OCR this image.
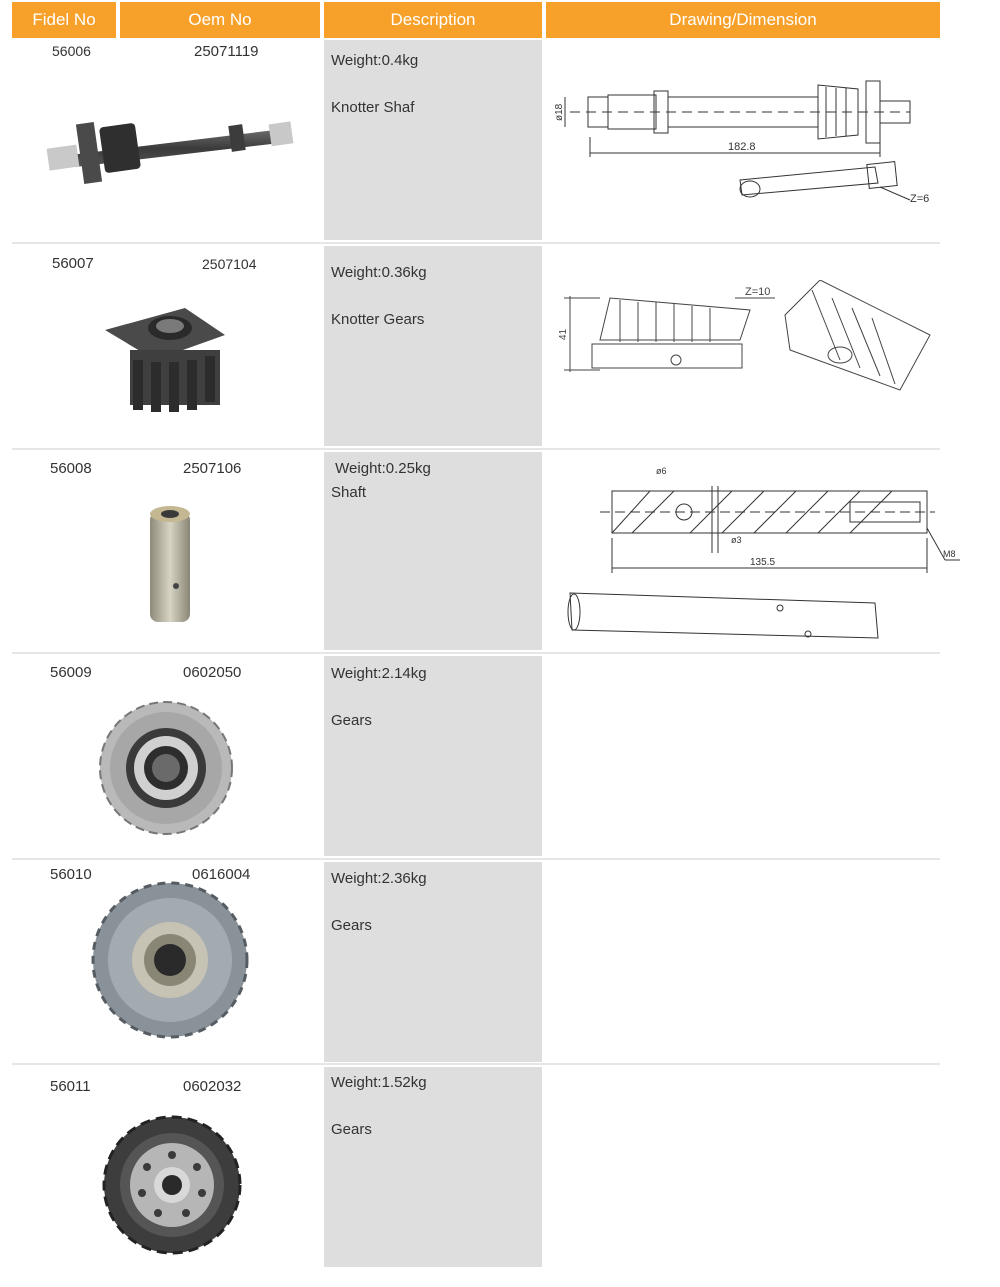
Fidel No	Oem No	Description	Drawing/Dimension
56006	25071119
Weight:0.4kg
Knotter Shaf	ø18
182.8
Z=6
56007	2507104	Weight:0.36kg
Knotter Gears
41
Z=10
56008	2507106	Weight:0.25kg
Shaft
ø6
ø3
135.5
M8
56009	0602050	Weight:2.14kg
Gears
56010	0616004	Weight:2.36kg
Gears
56011	0602032	Weight:1.52kg
Gears
